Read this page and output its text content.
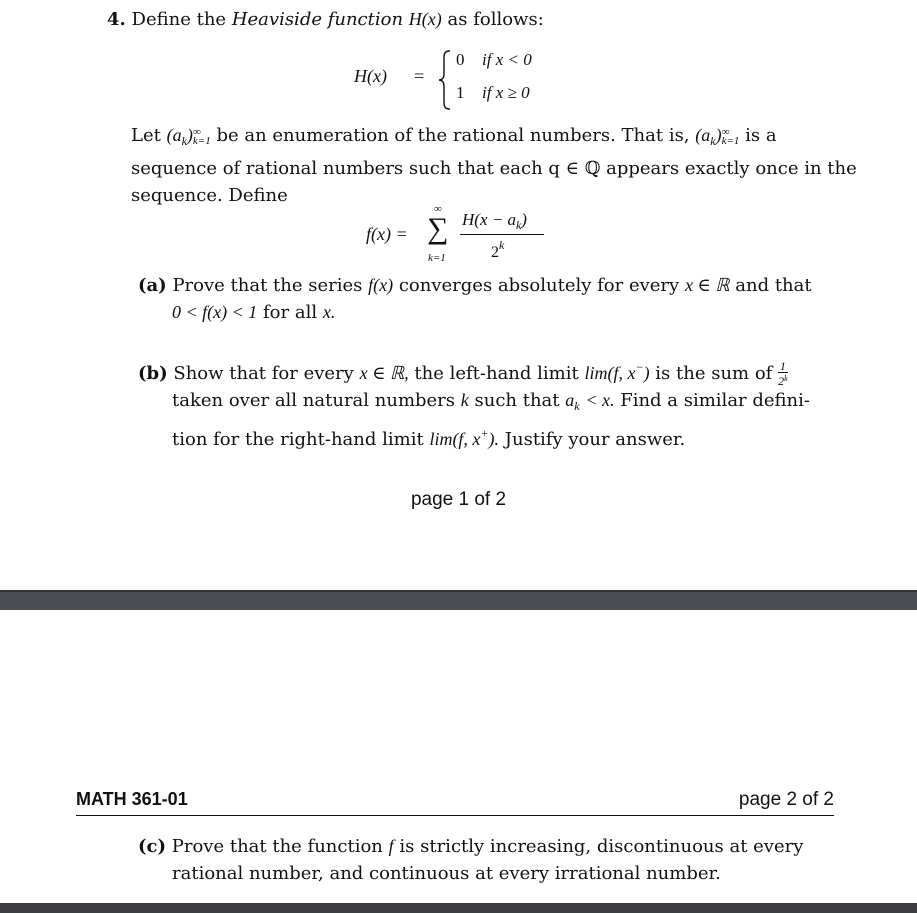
4. Define the Heaviside function H(x) as follows:
H(x) =
0 if x < 0
1 if x ≥ 0
Let $(a_k)$ ∞
k=1 be an enumeration of the rational numbers. That is, $(a_k)$ ∞
k=1 is a
sequence of rational numbers such that each q ∈ ℚ appears exactly once in the
sequence. Define
f(x) =
∞
∑
k=1
$H(x - a_k)$
2$^k$
(a) Prove that the series f(x) converges absolutely for every x ∈ ℝ and that
0 < f(x) < 1 for all x.
(b) Show that for every x ∈ ℝ, the left-hand limit lim(f, x−) is the sum of $\frac{1}{2^k}$
taken over all natural numbers k such that $a_k < x$. Find a similar defini-
tion for the right-hand limit lim(f, x+). Justify your answer.
page 1 of 2
MATH 361-01	page 2 of 2
(c) Prove that the function f is strictly increasing, discontinuous at every
rational number, and continuous at every irrational number.
